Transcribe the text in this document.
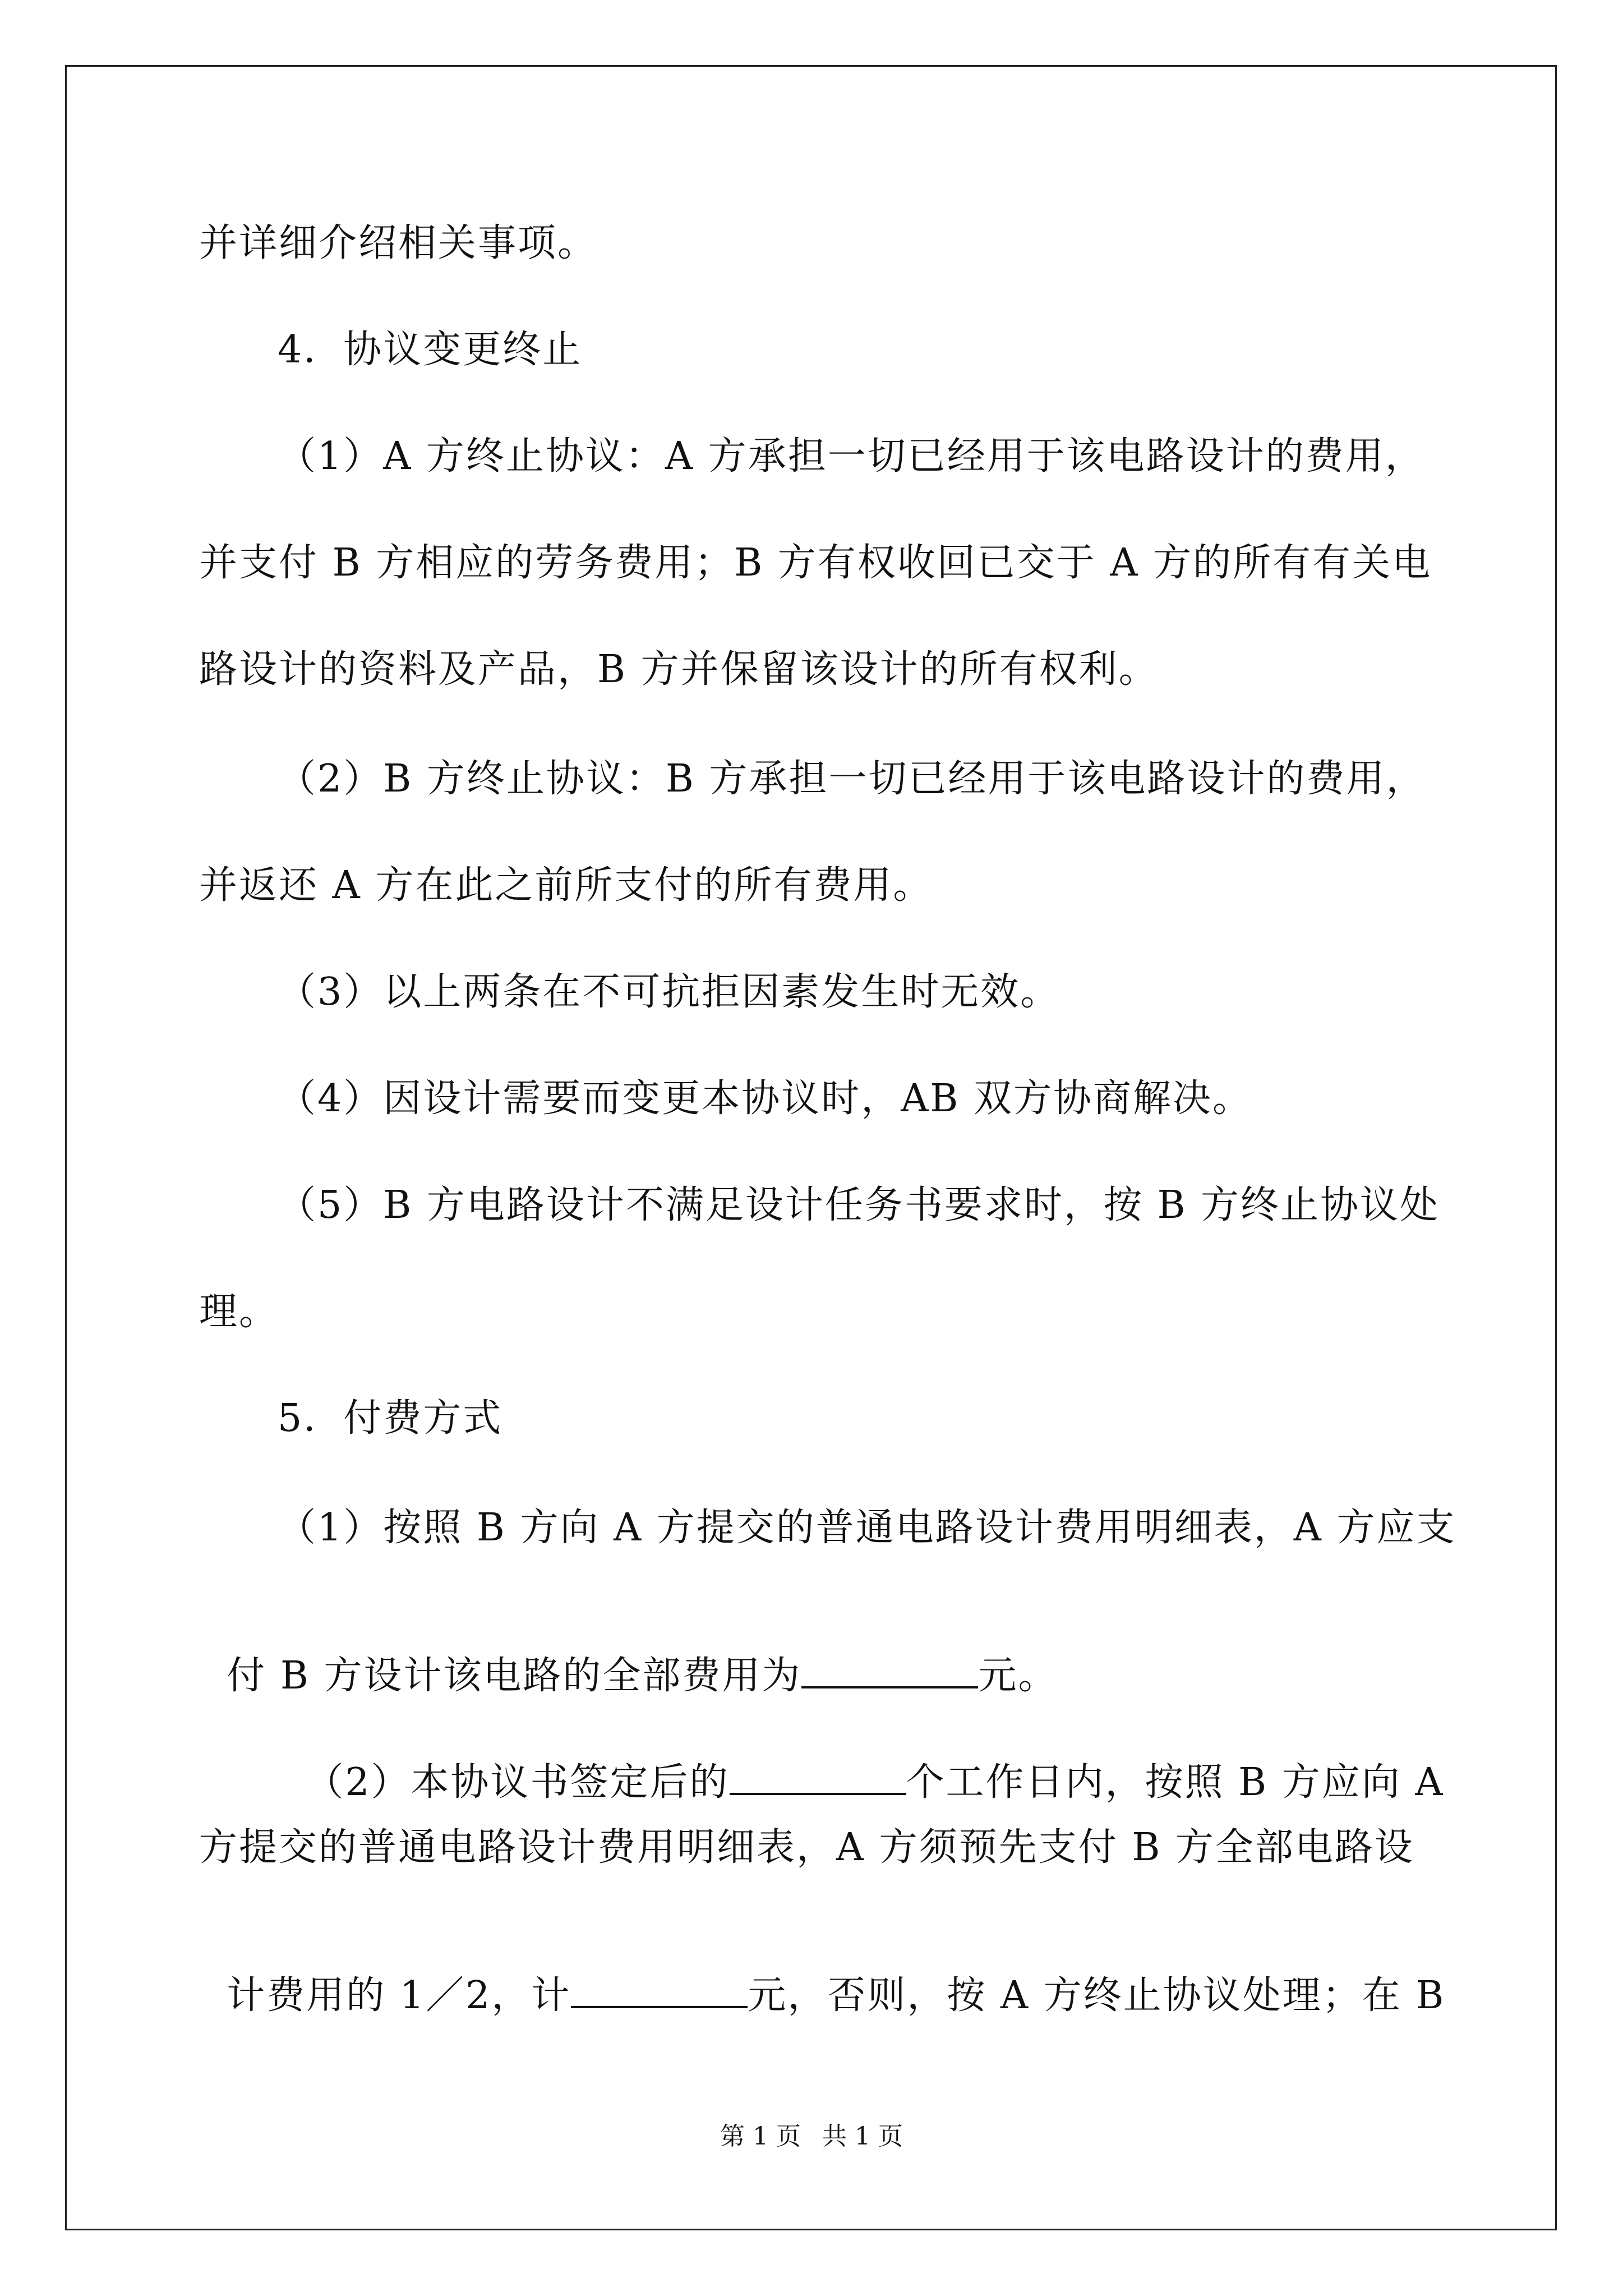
并详细介绍相关事项。
4．协议变更终止
（1）A 方终止协议：A 方承担一切已经用于该电路设计的费用，
并支付 B 方相应的劳务费用；B 方有权收回已交于 A 方的所有有关电
路设计的资料及产品，B 方并保留该设计的所有权利。
（2）B 方终止协议：B 方承担一切已经用于该电路设计的费用，
并返还 A 方在此之前所支付的所有费用。
（3）以上两条在不可抗拒因素发生时无效。
（4）因设计需要而变更本协议时，AB 双方协商解决。
（5）B 方电路设计不满足设计任务书要求时，按 B 方终止协议处
理。
5．付费方式
（1）按照 B 方向 A 方提交的普通电路设计费用明细表，A 方应支

付 B 方设计该电路的全部费用为	元。

（2）本协议书签定后的	个工作日内，按照 B 方应向 A

方提交的普通电路设计费用明细表，A 方须预先支付 B 方全部电路设

计费用的 1／2，计	元，否则，按 A 方终止协议处理；在 B

第 1 页 共 1 页
